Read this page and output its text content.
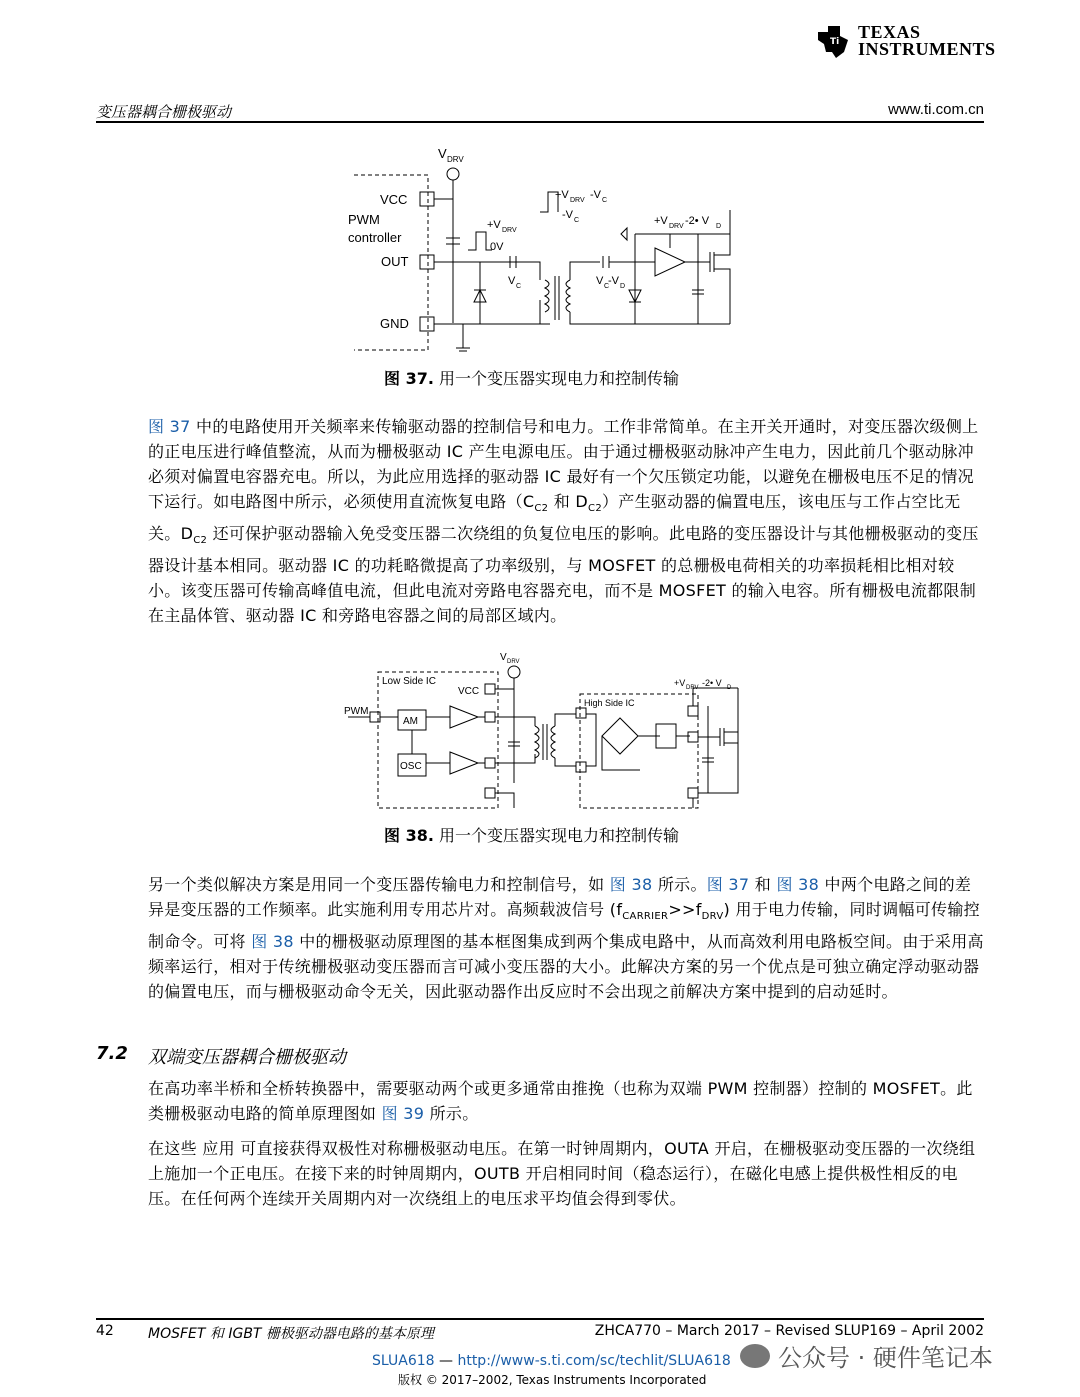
Ti TEXAS
INSTRUMENTS
变压器耦合栅极驱动	www.ti.com.cn
V DRV
VCC
PWM
controller
OUT
GND
+V DRV
0V
+V DRV -V C
-V C
V C	V C
-V D
+V DRV -2• V D
图 37. 用一个变压器实现电力和控制传输
图 37 中的电路使用开关频率来传输驱动器的控制信号和电力。工作非常简单。在主开关开通时，对变压器次级侧上的正电压进行峰值整流，从而为栅极驱动 IC 产生电源电压。由于通过栅极驱动脉冲产生电力，因此前几个驱动脉冲必须对偏置电容器充电。所以，为此应用选择的驱动器 IC 最好有一个欠压锁定功能，以避免在栅极电压不足的情况下运行。如电路图中所示，必须使用直流恢复电路（$C_{C2}$ 和 $D_{C2}$）产生驱动器的偏置电压，该电压与工作占空比无关。$D_{C2}$ 还可保护驱动器输入免受变压器二次绕组的负复位电压的影响。此电路的变压器设计与其他栅极驱动的变压器设计基本相同。驱动器 IC 的功耗略微提高了功率级别，与 MOSFET 的总栅极电荷相关的功率损耗相比相对较小。该变压器可传输高峰值电流，但此电流对旁路电容器充电，而不是 MOSFET 的输入电容。所有栅极电流都限制在主晶体管、驱动器 IC 和旁路电容器之间的局部区域内。
V DRV
Low Side IC
VCC
PWM
AM
OSC
High Side IC
+V DRV -2• V D
图 38. 用一个变压器实现电力和控制传输
另一个类似解决方案是用同一个变压器传输电力和控制信号，如 图 38 所示。图 37 和 图 38 中两个电路之间的差异是变压器的工作频率。此实施利用专用芯片对。高频载波信号 $(f_{CARRIER}>>f_{DRV})$ 用于电力传输，同时调幅可传输控制命令。可将 图 38 中的栅极驱动原理图的基本框图集成到两个集成电路中，从而高效利用电路板空间。由于采用高频率运行，相对于传统栅极驱动变压器而言可减小变压器的大小。此解决方案的另一个优点是可独立确定浮动驱动器的偏置电压，而与栅极驱动命令无关，因此驱动器作出反应时不会出现之前解决方案中提到的启动延时。
7.2 双端变压器耦合栅极驱动
在高功率半桥和全桥转换器中，需要驱动两个或更多通常由推挽（也称为双端 PWM 控制器）控制的 MOSFET。此类栅极驱动电路的简单原理图如 图 39 所示。
在这些 应用 可直接获得双极性对称栅极驱动电压。在第一时钟周期内，OUTA 开启，在栅极驱动变压器的一次绕组上施加一个正电压。在接下来的时钟周期内，OUTB 开启相同时间（稳态运行），在磁化电感上提供极性相反的电压。在任何两个连续开关周期内对一次绕组上的电压求平均值会得到零伏。
42 MOSFET 和 IGBT 栅极驱动器电路的基本原理	ZHCA770 – March 2017 – Revised SLUP169 – April 2002
SLUA618 — http://www-s.ti.com/sc/techlit/SLUA618
版权 © 2017–2002, Texas Instruments Incorporated
公众号 · 硬件笔记本
